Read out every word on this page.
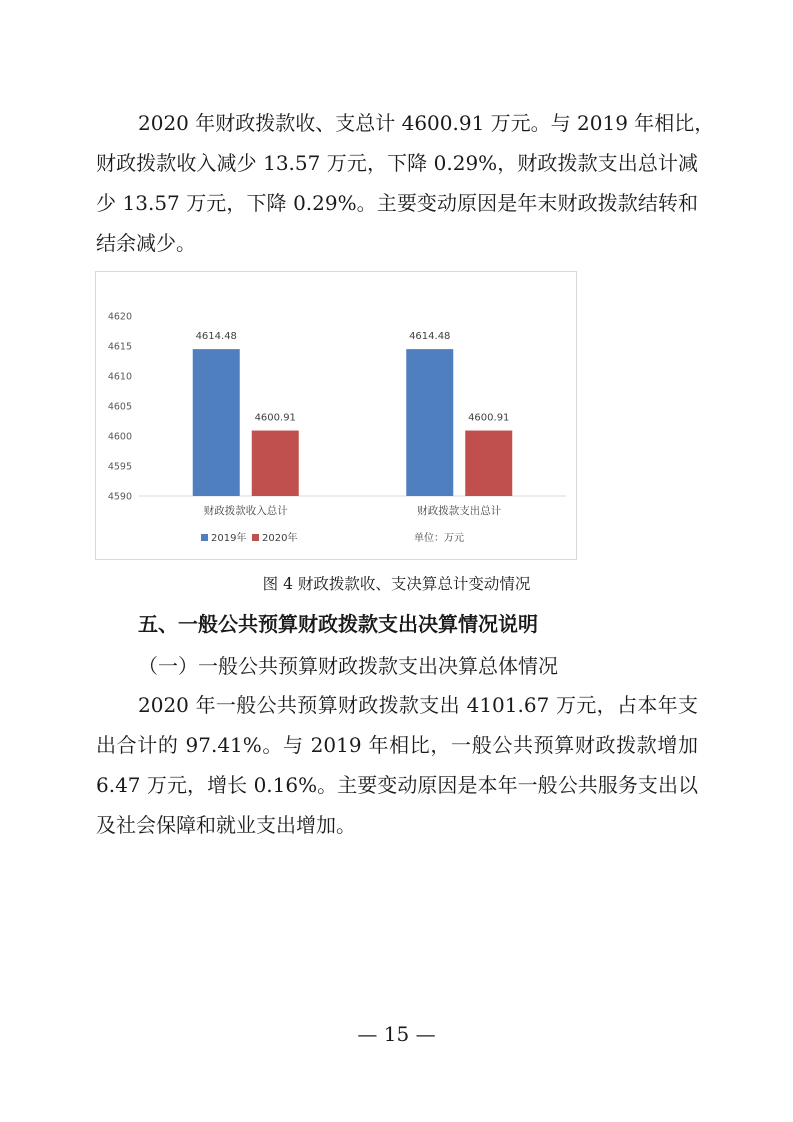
2020 年财政拨款收、支总计 4600.91 万元。与 2019 年相比，
财政拨款收入减少 13.57 万元，下降 0.29%，财政拨款支出总计减
少 13.57 万元，下降 0.29%。主要变动原因是年末财政拨款结转和
结余减少。
4590
4595
4600
4605
4610
4615
4620
4614.48
4600.91
财政拨款收入总计
4614.48
4600.91
财政拨款支出总计
2019年 2020年	单位：万元
图 4 财政拨款收、支决算总计变动情况
五、一般公共预算财政拨款支出决算情况说明
（一）一般公共预算财政拨款支出决算总体情况
2020 年一般公共预算财政拨款支出 4101.67 万元，占本年支
出合计的 97.41%。与 2019 年相比，一般公共预算财政拨款增加
6.47 万元，增长 0.16%。主要变动原因是本年一般公共服务支出以
及社会保障和就业支出增加。
— 15 —
